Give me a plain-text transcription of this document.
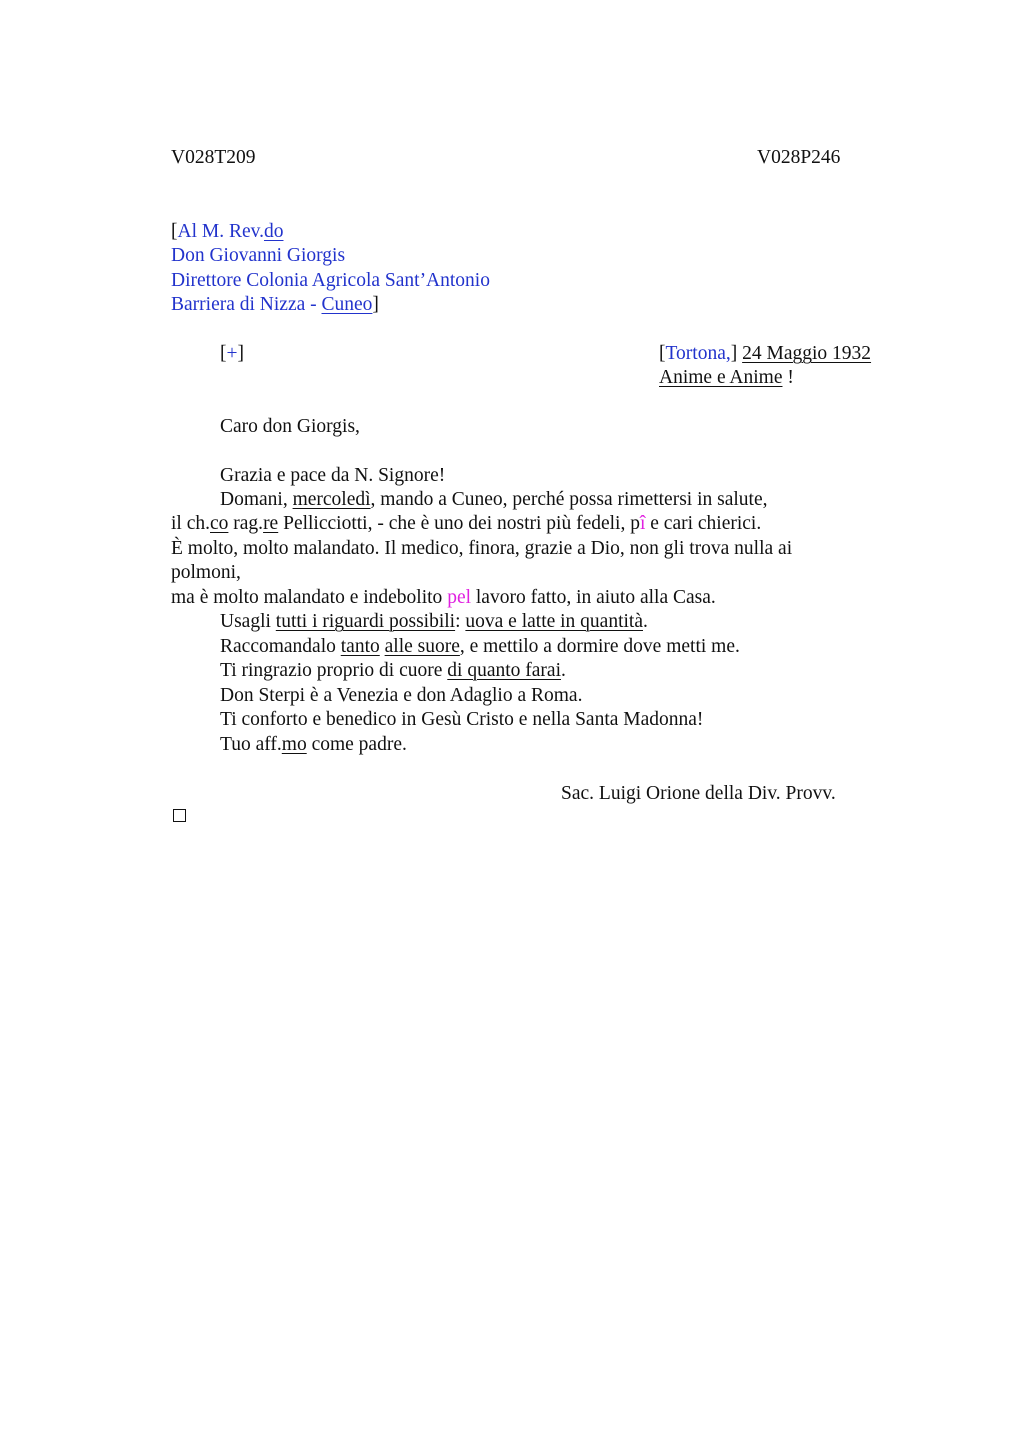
V028T209	V028P246
[Al M. Rev.do
Don Giovanni Giorgis
Direttore Colonia Agricola Sant’Antonio
Barriera di Nizza - Cuneo]
[+]	[Tortona,] 24 Maggio 1932
Anime e Anime !
Caro don Giorgis,
Grazia e pace da N. Signore!
Domani, mercoledì, mando a Cuneo, perché possa rimettersi in salute,
il ch.co rag.re Pellicciotti, - che è uno dei nostri più fedeli, pî e cari chierici.
È molto, molto malandato. Il medico, finora, grazie a Dio, non gli trova nulla ai
polmoni,
ma è molto malandato e indebolito pel lavoro fatto, in aiuto alla Casa.
Usagli tutti i riguardi possibili: uova e latte in quantità.
Raccomandalo tanto alle suore, e mettilo a dormire dove metti me.
Ti ringrazio proprio di cuore di quanto farai.
Don Sterpi è a Venezia e don Adaglio a Roma.
Ti conforto e benedico in Gesù Cristo e nella Santa Madonna!
Tuo aff.mo come padre.
Sac. Luigi Orione della Div. Provv.
